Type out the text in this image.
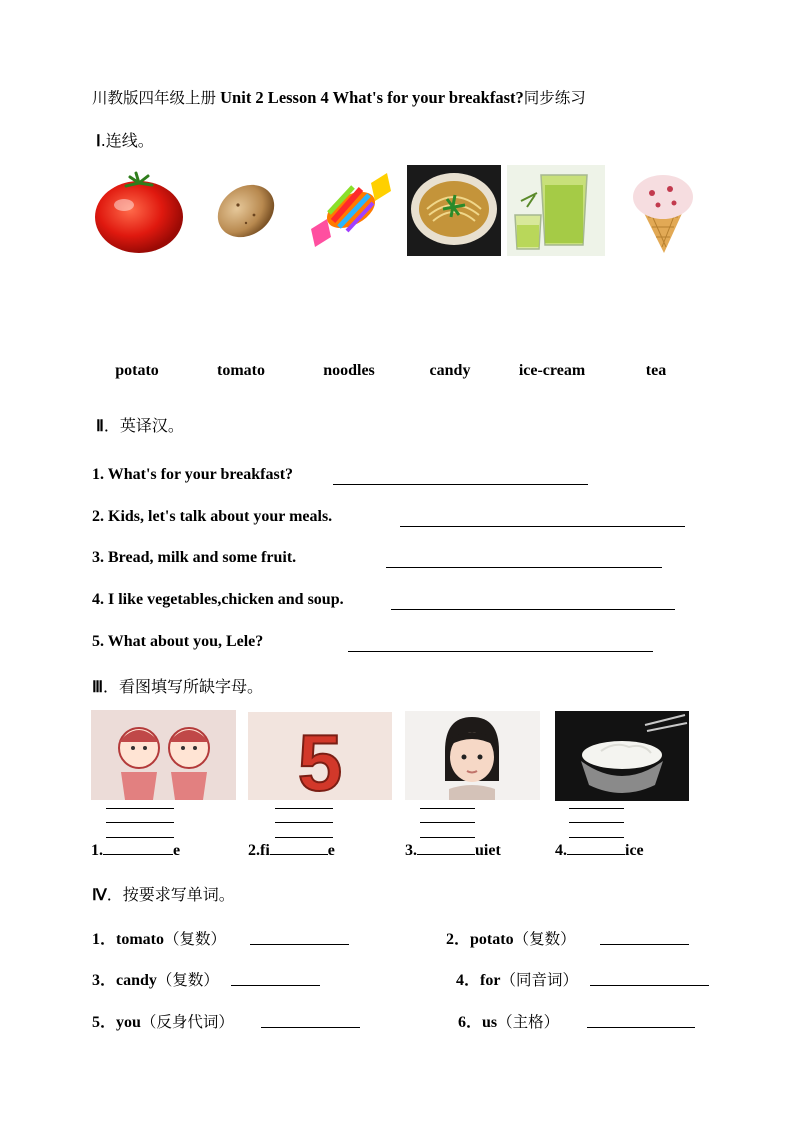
川教版四年级上册 Unit 2 Lesson 4 What's for your breakfast?同步练习
Ⅰ.连线。
potato	tomato	noodles	candy	ice-cream	tea
Ⅱ．英译汉。
1. What's for your breakfast?
2. Kids, let's talk about your meals.
3. Bread, milk and some fruit.
4. I like vegetables,chicken and soup.
5. What about you, Lele?
Ⅲ．看图填写所缺字母。
5
1.	e	2.fi	e	3.	uiet	4.	ice
Ⅳ．按要求写单词。
1．tomato（复数）	2．potato（复数）
3．candy（复数）	4．for（同音词）
5．you（反身代词）	6．us（主格）
